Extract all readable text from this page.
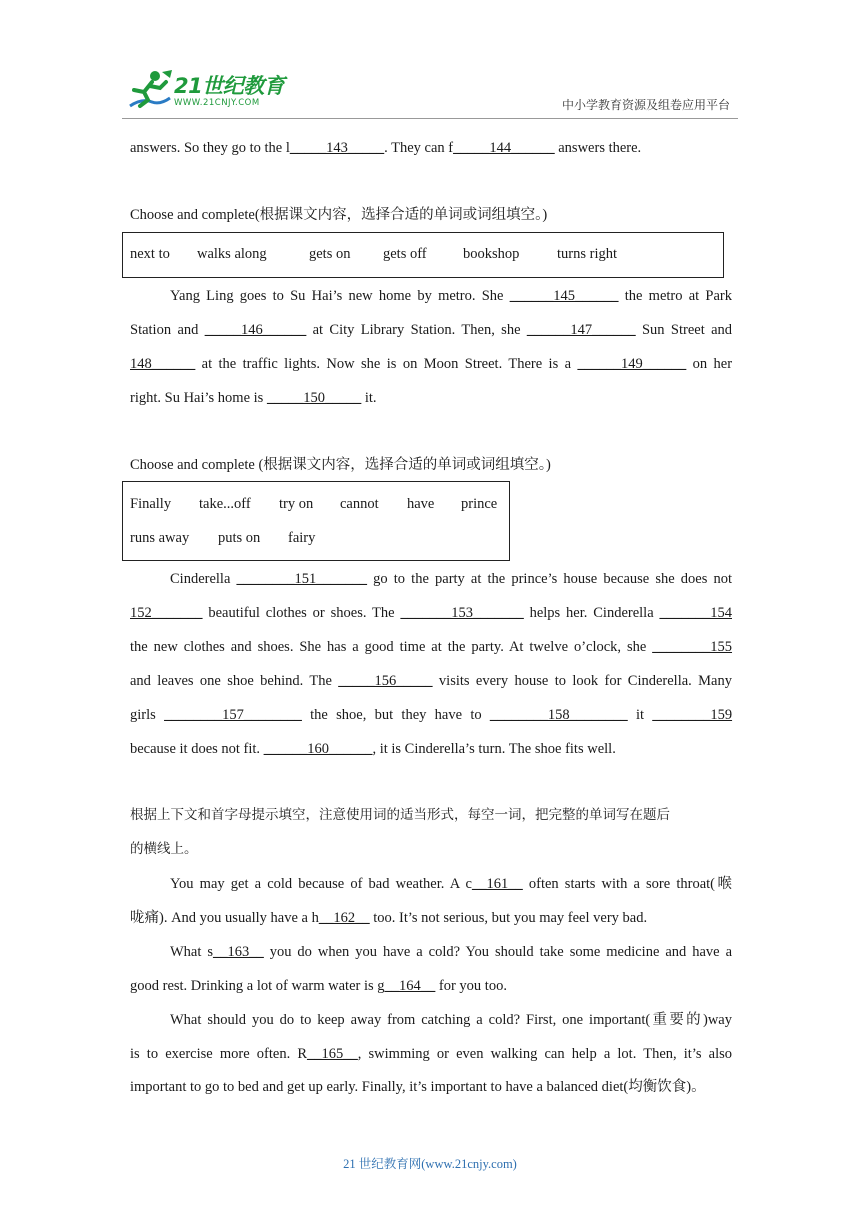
21世纪教育
WWW.21CNJY.COM	中小学教育资源及组卷应用平台
answers. So they go to the l_____143_____. They can f_____144______ answers there.
Choose and complete(根据课文内容，选择合适的单词或词组填空。)
next to walks along	gets on gets off	bookshop	turns right
Yang Ling goes to Su Hai’s new home by metro. She ______145______ the metro at Park
Station and _____146______ at City Library Station. Then, she ______147______ Sun Street and
148______ at the traffic lights. Now she is on Moon Street. There is a ______149______ on her
right. Su Hai’s home is _____150_____ it.
Choose and complete (根据课文内容，选择合适的单词或词组填空。)
Finally take...off try on cannot have prince
runs away puts on fairy
Cinderella ________151_______ go to the party at the prince’s house because she does not
152_______ beautiful clothes or shoes. The _______153_______ helps her. Cinderella _______154
the new clothes and shoes. She has a good time at the party. At twelve o’clock, she ________155
and leaves one shoe behind. The _____156_____ visits every house to look for Cinderella. Many
girls ________157________ the shoe, but they have to ________158________ it ________159
because it does not fit. ______160______, it is Cinderella’s turn. The shoe fits well.
根据上下文和首字母提示填空，注意使用词的适当形式，每空一词，把完整的单词写在题后
的横线上。
You may get a cold because of bad weather. A c__161__ often starts with a sore throat(喉
咙痛). And you usually have a h__162__ too. It’s not serious, but you may feel very bad.
What s__163__ you do when you have a cold? You should take some medicine and have a
good rest. Drinking a lot of warm water is g__164__ for you too.
What should you do to keep away from catching a cold? First, one important(重要的)way
is to exercise more often. R__165__, swimming or even walking can help a lot. Then, it’s also
important to go to bed and get up early. Finally, it’s important to have a balanced diet(均衡饮食)。
21 世纪教育网(www.21cnjy.com)
